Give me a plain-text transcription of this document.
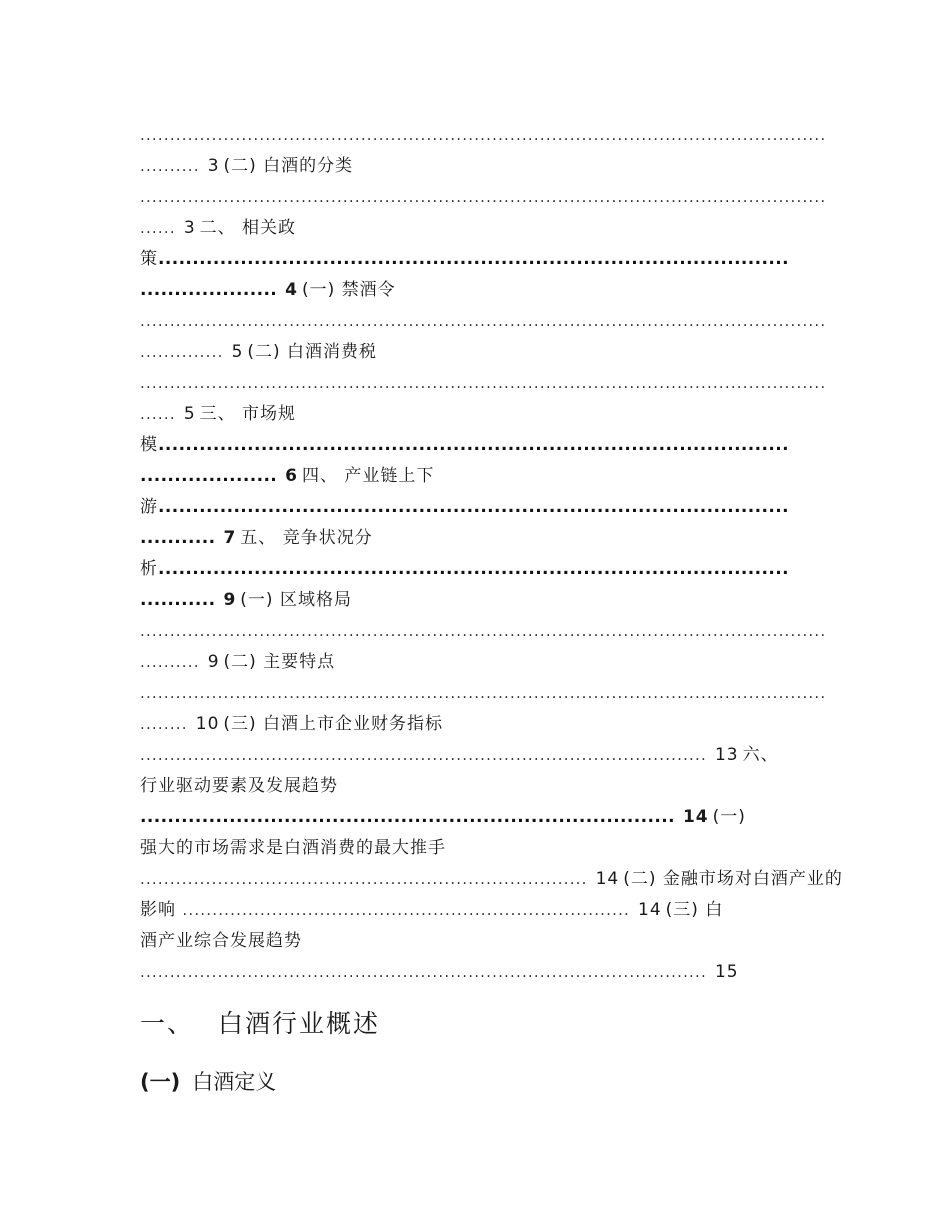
...................................................................................................................
.......... 3 (二) 白酒的分类
...................................................................................................................
...... 3 二、 相关政
策............................................................................................
.................... 4 (一) 禁酒令
...................................................................................................................
.............. 5 (二) 白酒消费税
...................................................................................................................
...... 5 三、 市场规
模............................................................................................
.................... 6 四、 产业链上下
游............................................................................................
........... 7 五、 竞争状况分
析............................................................................................
........... 9 (一) 区域格局
...................................................................................................................
.......... 9 (二) 主要特点
...................................................................................................................
........ 10 (三) 白酒上市企业财务指标
............................................................................................... 13 六、
行业驱动要素及发展趋势
.............................................................................. 14 (一)
强大的市场需求是白酒消费的最大推手
........................................................................... 14 (二) 金融市场对白酒产业的
影响 ........................................................................... 14 (三) 白
酒产业综合发展趋势
............................................................................................... 15
一、 白酒行业概述
(一) 白酒定义
